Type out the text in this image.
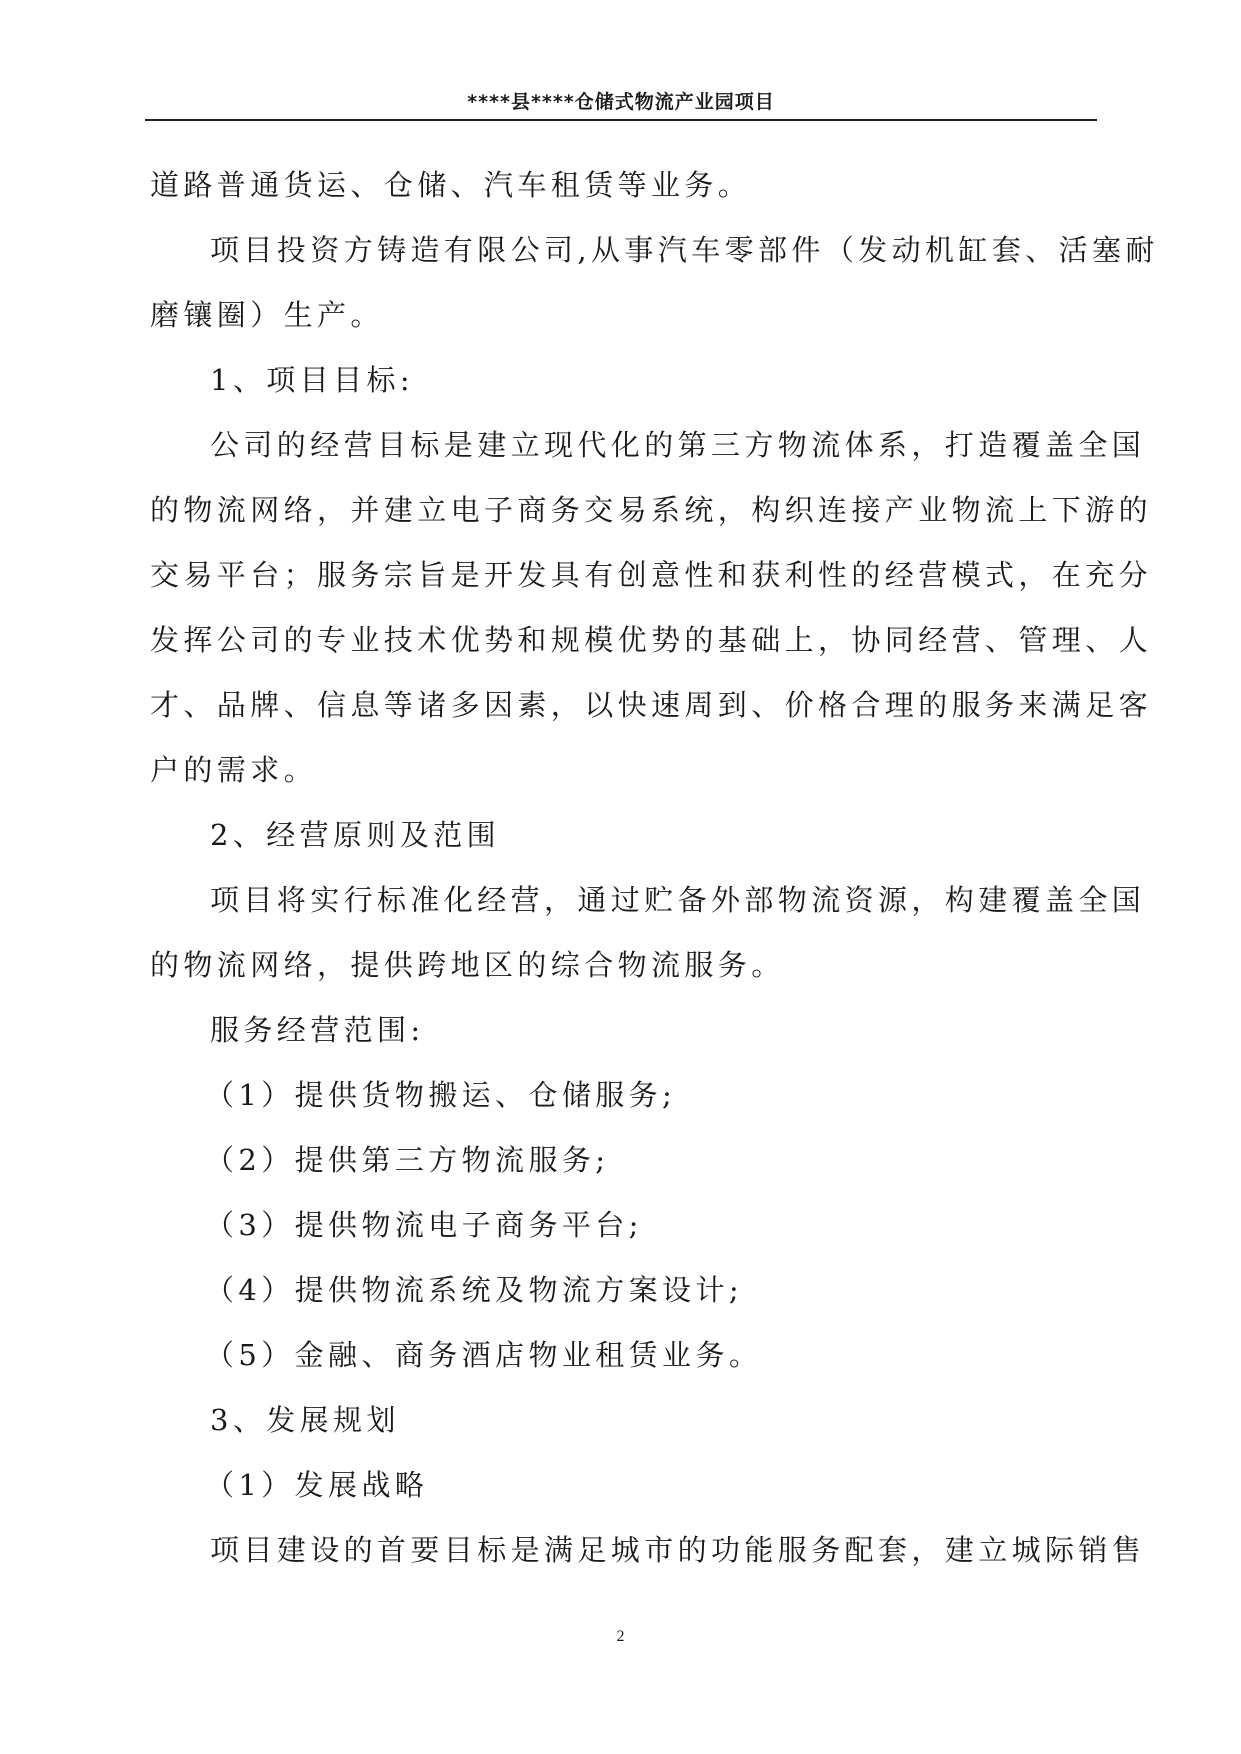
****县****仓储式物流产业园项目
道路普通货运、仓储、汽车租赁等业务。
项目投资方铸造有限公司,从事汽车零部件（发动机缸套、活塞耐
磨镶圈）生产。
1、项目目标:
公司的经营目标是建立现代化的第三方物流体系，打造覆盖全国
的物流网络，并建立电子商务交易系统，构织连接产业物流上下游的
交易平台；服务宗旨是开发具有创意性和获利性的经营模式，在充分
发挥公司的专业技术优势和规模优势的基础上，协同经营、管理、人
才、品牌、信息等诸多因素，以快速周到、价格合理的服务来满足客
户的需求。
2、经营原则及范围
项目将实行标准化经营，通过贮备外部物流资源，构建覆盖全国
的物流网络，提供跨地区的综合物流服务。
服务经营范围:
（1）提供货物搬运、仓储服务;
（2）提供第三方物流服务;
（3）提供物流电子商务平台;
（4）提供物流系统及物流方案设计;
（5）金融、商务酒店物业租赁业务。
3、发展规划
（1）发展战略
项目建设的首要目标是满足城市的功能服务配套，建立城际销售
2
